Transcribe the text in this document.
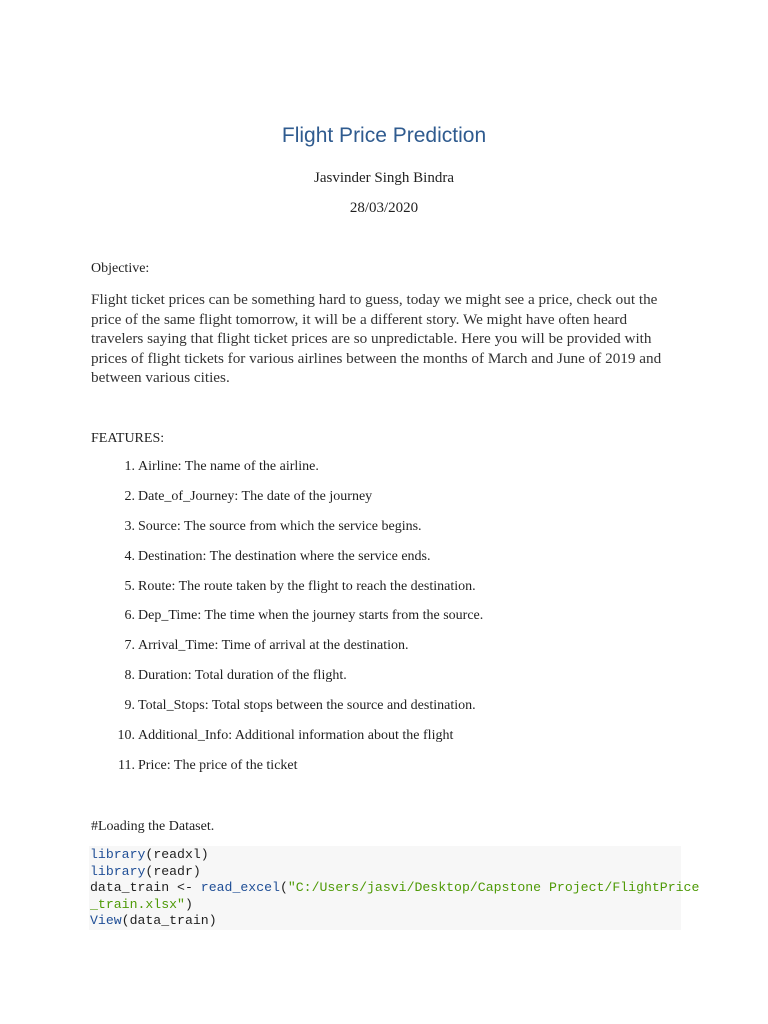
Flight Price Prediction
Jasvinder Singh Bindra
28/03/2020
Objective:
Flight ticket prices can be something hard to guess, today we might see a price, check out the price of the same flight tomorrow, it will be a different story. We might have often heard travelers saying that flight ticket prices are so unpredictable. Here you will be provided with prices of flight tickets for various airlines between the months of March and June of 2019 and between various cities.
FEATURES:
1. Airline: The name of the airline.
2. Date_of_Journey: The date of the journey
3. Source: The source from which the service begins.
4. Destination: The destination where the service ends.
5. Route: The route taken by the flight to reach the destination.
6. Dep_Time: The time when the journey starts from the source.
7. Arrival_Time: Time of arrival at the destination.
8. Duration: Total duration of the flight.
9. Total_Stops: Total stops between the source and destination.
10. Additional_Info: Additional information about the flight
11. Price: The price of the ticket
#Loading the Dataset.
library(readxl)
library(readr)
data_train <- read_excel("C:/Users/jasvi/Desktop/Capstone Project/FlightPrice
_train.xlsx")
View(data_train)
